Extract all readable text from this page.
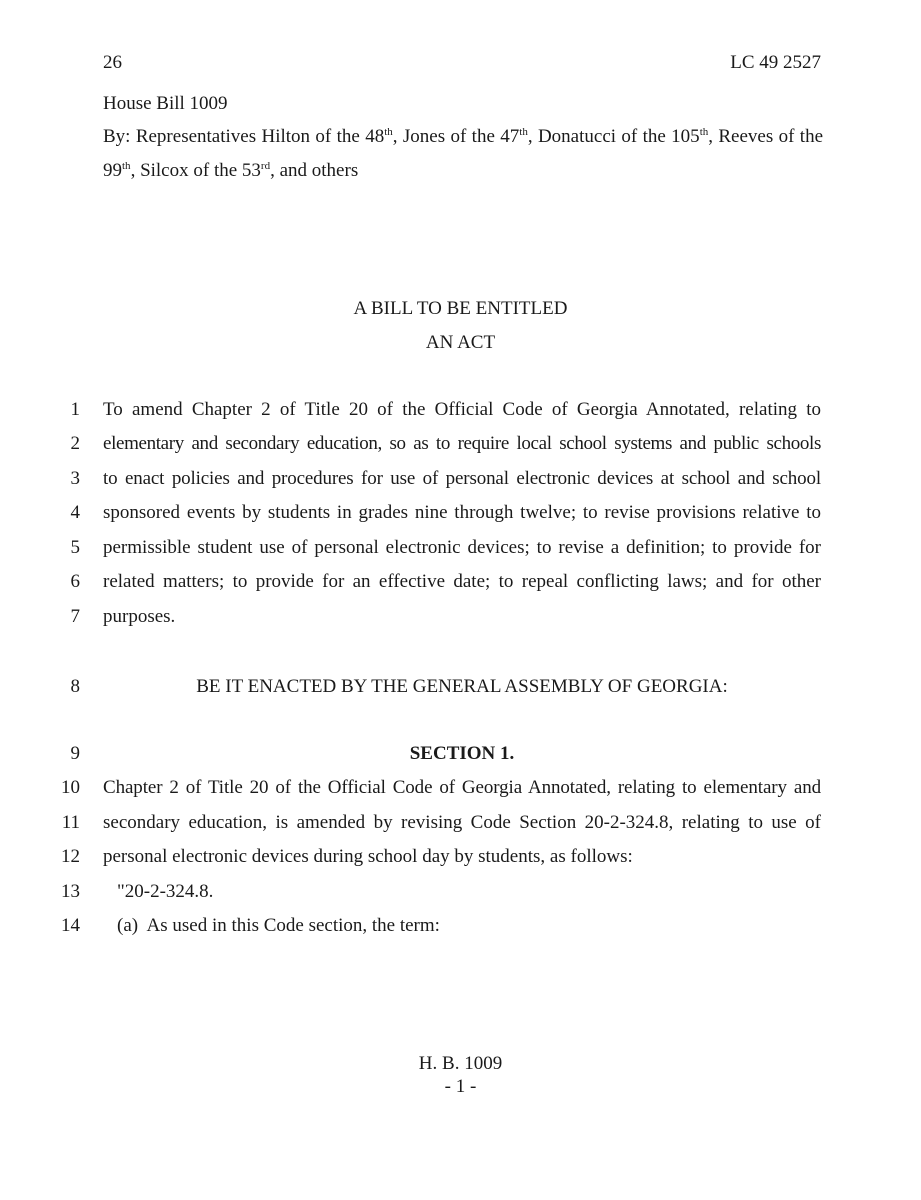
26	LC 49 2527
House Bill 1009
By: Representatives Hilton of the 48th, Jones of the 47th, Donatucci of the 105th, Reeves of the 99th, Silcox of the 53rd, and others
A BILL TO BE ENTITLED
AN ACT
1 To amend Chapter 2 of Title 20 of the Official Code of Georgia Annotated, relating to
2 elementary and secondary education, so as to require local school systems and public schools
3 to enact policies and procedures for use of personal electronic devices at school and school
4 sponsored events by students in grades nine through twelve; to revise provisions relative to
5 permissible student use of personal electronic devices; to revise a definition; to provide for
6 related matters; to provide for an effective date; to repeal conflicting laws; and for other
7 purposes.
8	BE IT ENACTED BY THE GENERAL ASSEMBLY OF GEORGIA:
9	SECTION 1.
10 Chapter 2 of Title 20 of the Official Code of Georgia Annotated, relating to elementary and
11 secondary education, is amended by revising Code Section 20-2-324.8, relating to use of
12 personal electronic devices during school day by students, as follows:
13 "20-2-324.8.
14 (a)  As used in this Code section, the term:
H. B. 1009
- 1 -
